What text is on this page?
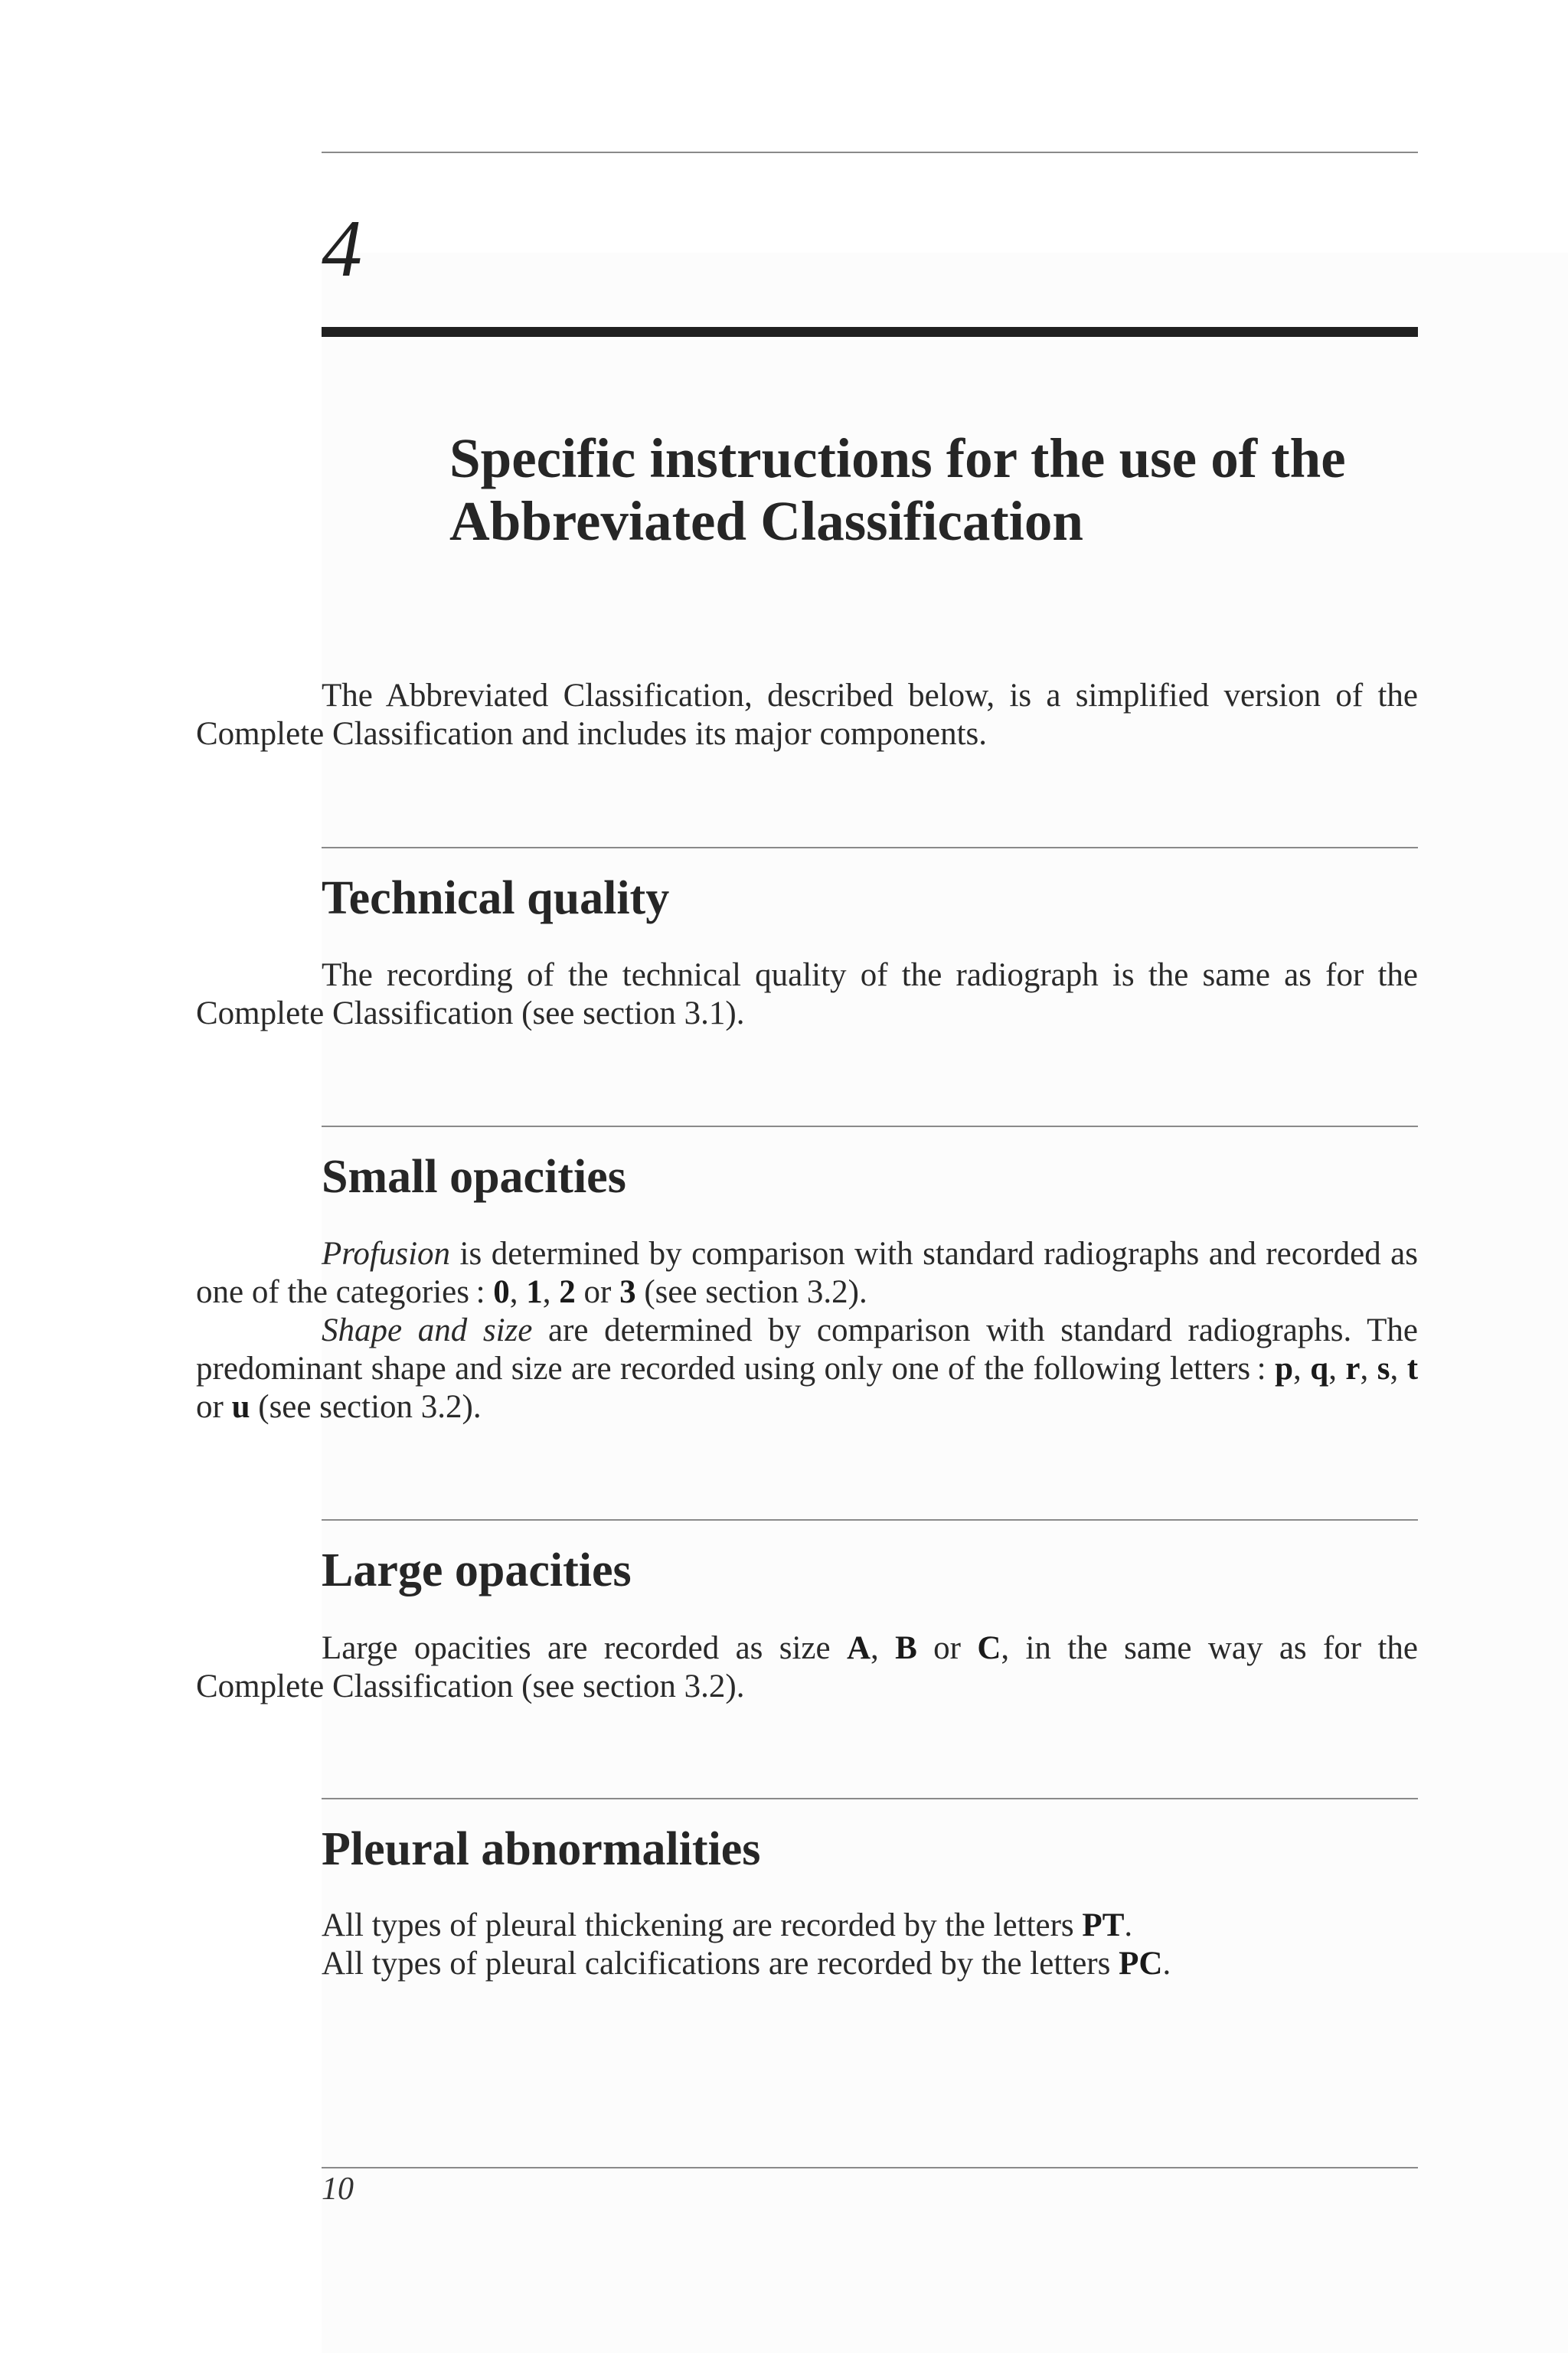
4
Specific instructions for the use of the
Abbreviated Classification

The Abbreviated Classification, described below, is a simplified version of the Complete Classification and includes its major components.

Technical quality

The recording of the technical quality of the radiograph is the same as for the Complete Classification (see section 3.1).

Small opacities

Profusion is determined by comparison with standard radiographs and recorded as one of the categories : 0, 1, 2 or 3 (see section 3.2).

Shape and size are determined by comparison with standard radiographs. The predominant shape and size are recorded using only one of the following letters : p, q, r, s, t or u (see section 3.2).

Large opacities

Large opacities are recorded as size A, B or C, in the same way as for the Complete Classification (see section 3.2).

Pleural abnormalities

All types of pleural thickening are recorded by the letters PT.

All types of pleural calcifications are recorded by the letters PC.

10
